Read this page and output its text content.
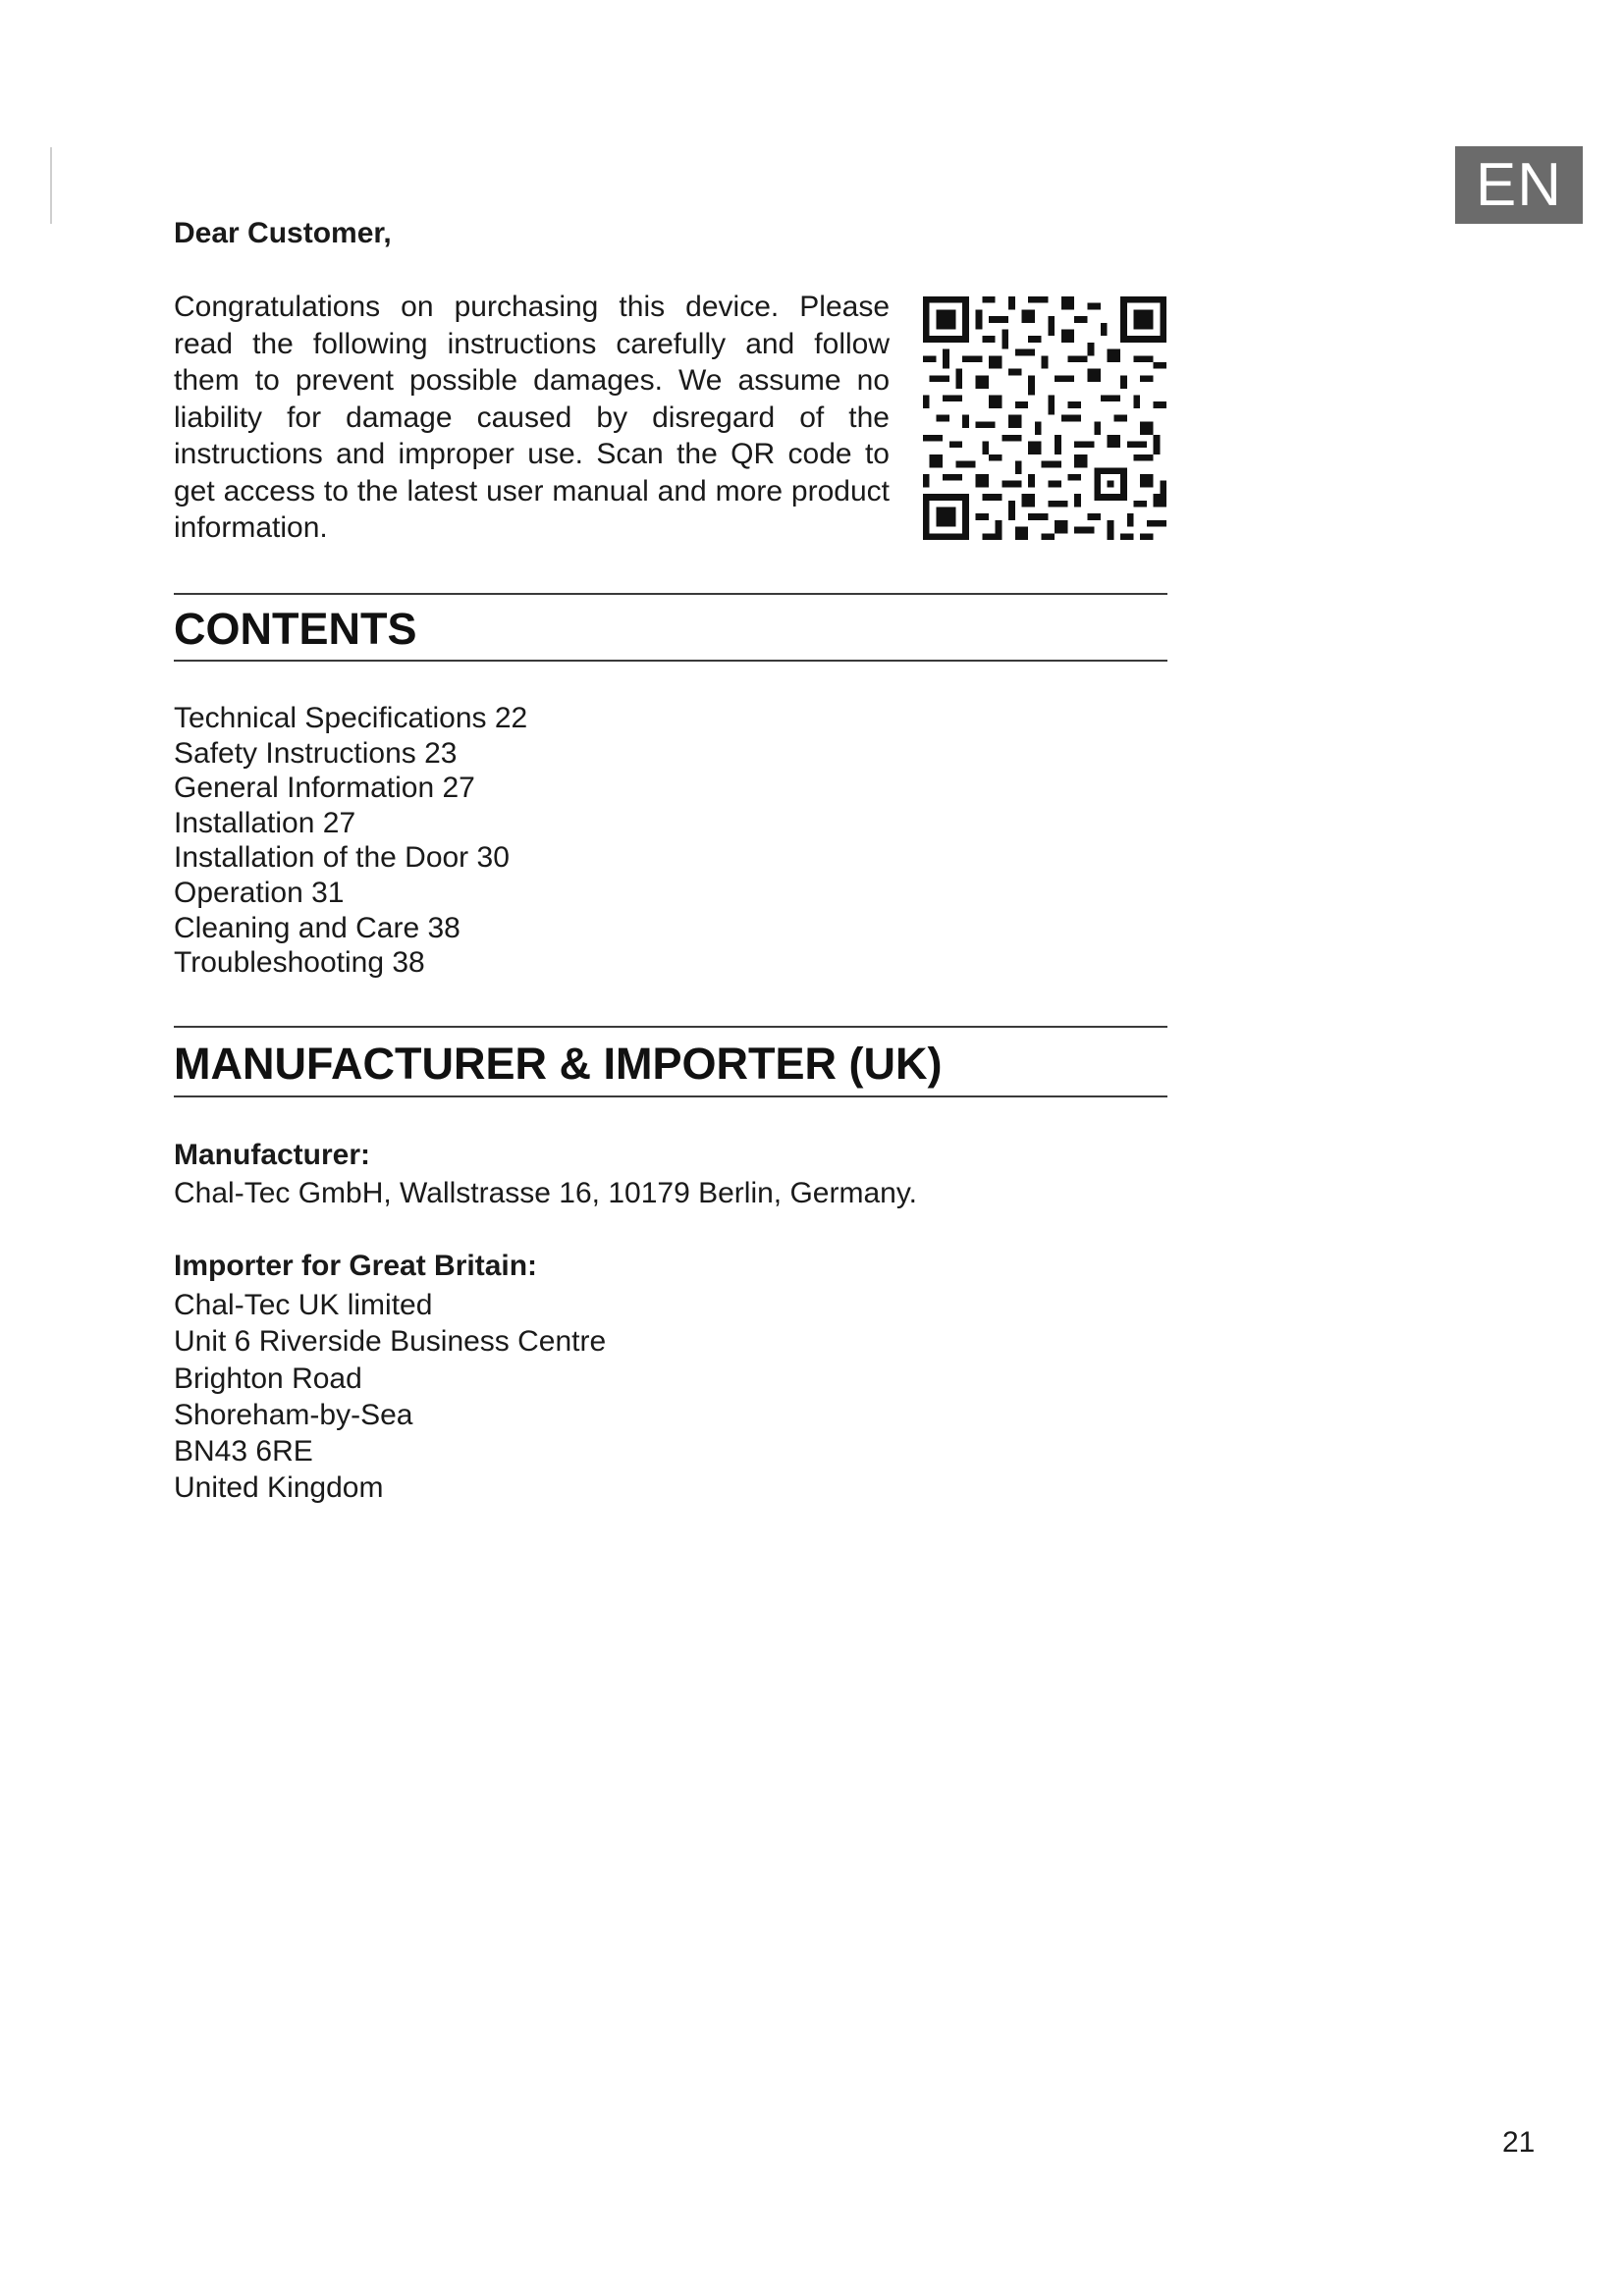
EN
Dear Customer,

Congratulations on purchasing this device. Please read the following instructions carefully and follow them to prevent possible damages. We assume no liability for damage caused by disregard of the instructions and improper use. Scan the QR code to get access to the latest user manual and more product information.

CONTENTS
Technical Specifications 22
Safety Instructions 23
General Information 27
Installation 27
Installation of the Door 30
Operation 31
Cleaning and Care 38
Troubleshooting 38
MANUFACTURER & IMPORTER (UK)
Manufacturer:
Chal-Tec GmbH, Wallstrasse 16, 10179 Berlin, Germany.
Importer for Great Britain:
Chal-Tec UK limited
Unit 6 Riverside Business Centre
Brighton Road
Shoreham-by-Sea
BN43 6RE
United Kingdom
21
